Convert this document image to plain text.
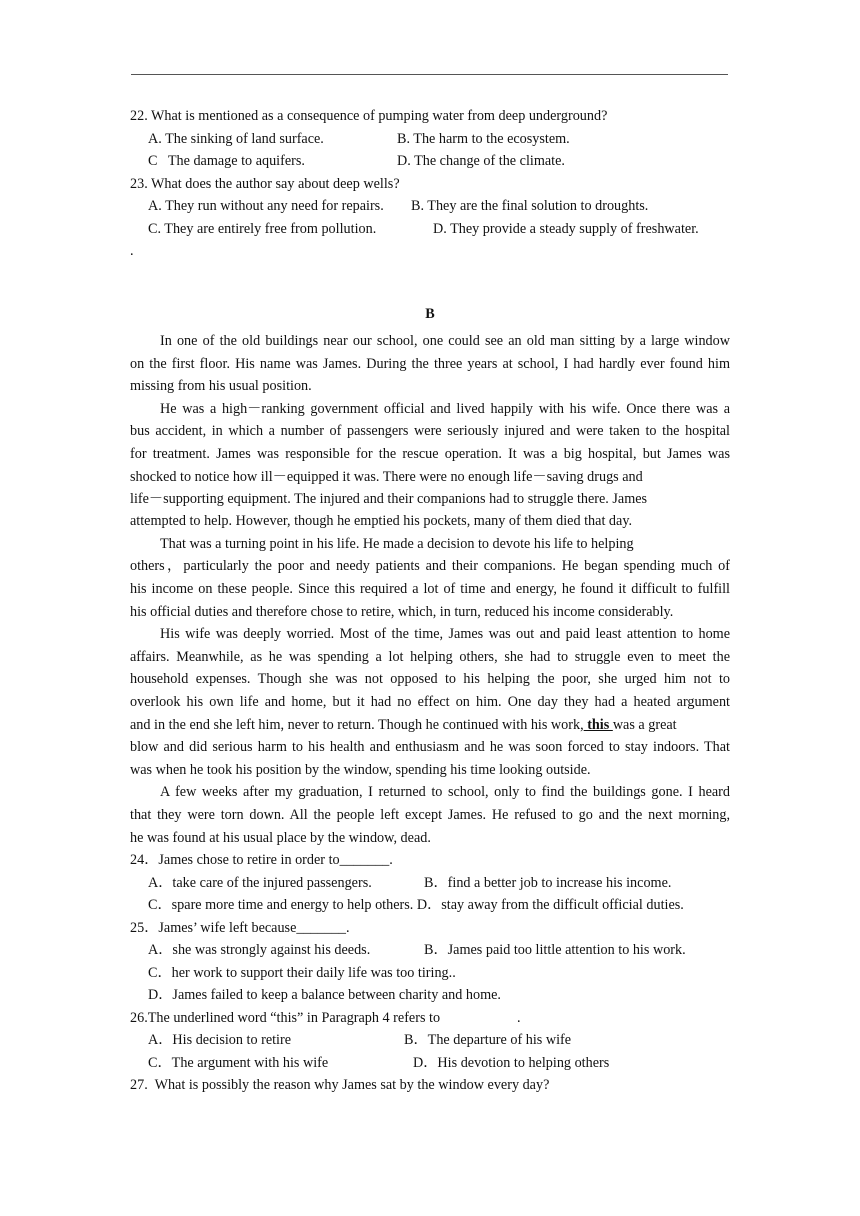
22. What is mentioned as a consequence of pumping water from deep underground?
A. The sinking of land surface.	B. The harm to the ecosystem.
C   The damage to aquifers.	D. The change of the climate.
23. What does the author say about deep wells?
A. They run without any need for repairs. B. They are the final solution to droughts.
C. They are entirely free from pollution.	D. They provide a steady supply of freshwater.
.
B
In one of the old buildings near our school, one could see an old man sitting by a large window
on the first floor. His name was James. During the three years at school, I had hardly ever found him
missing from his usual position.
He was a high－ranking government official and lived happily with his wife. Once there was a
bus accident, in which a number of passengers were seriously injured and were taken to the hospital
for treatment. James was responsible for the rescue operation. It was a big hospital, but James was
shocked to notice how ill－equipped it was. There were no enough life－saving drugs and
life－supporting equipment. The injured and their companions had to struggle there. James
attempted to help. However, though he emptied his pockets, many of them died that day.
That was a turning point in his life. He made a decision to devote his life to helping
others，particularly the poor and needy patients and their companions. He began spending much of
his income on these people. Since this required a lot of time and energy, he found it difficult to fulfill
his official duties and therefore chose to retire, which, in turn, reduced his income considerably.
His wife was deeply worried. Most of the time, James was out and paid least attention to home
affairs. Meanwhile, as he was spending a lot helping others, she had to struggle even to meet the
household expenses. Though she was not opposed to his helping the poor, she urged him not to
overlook his own life and home, but it had no effect on him. One day they had a heated argument
and in the end she left him, never to return. Though he continued with his work, this was a great
blow and did serious harm to his health and enthusiasm and he was soon forced to stay indoors. That
was when he took his position by the window, spending his time looking outside.
A few weeks after my graduation, I returned to school, only to find the buildings gone. I heard
that they were torn down. All the people left except James. He refused to go and the next morning,
he was found at his usual place by the window, dead.
24．James chose to retire in order to_______.
A．take care of the injured passengers.	B．find a better job to increase his income.
C．spare more time and energy to help others. D．stay away from the difficult official duties.
25．James’ wife left because_______.
A．she was strongly against his deeds.	B．James paid too little attention to his work.
C．her work to support their daily life was too tiring..
D．James failed to keep a balance between charity and home.
26.The underlined word “this” in Paragraph 4 refers to	.
A．His decision to retire	B．The departure of his wife
C．The argument with his wife	D．His devotion to helping others
27.  What is possibly the reason why James sat by the window every day?
